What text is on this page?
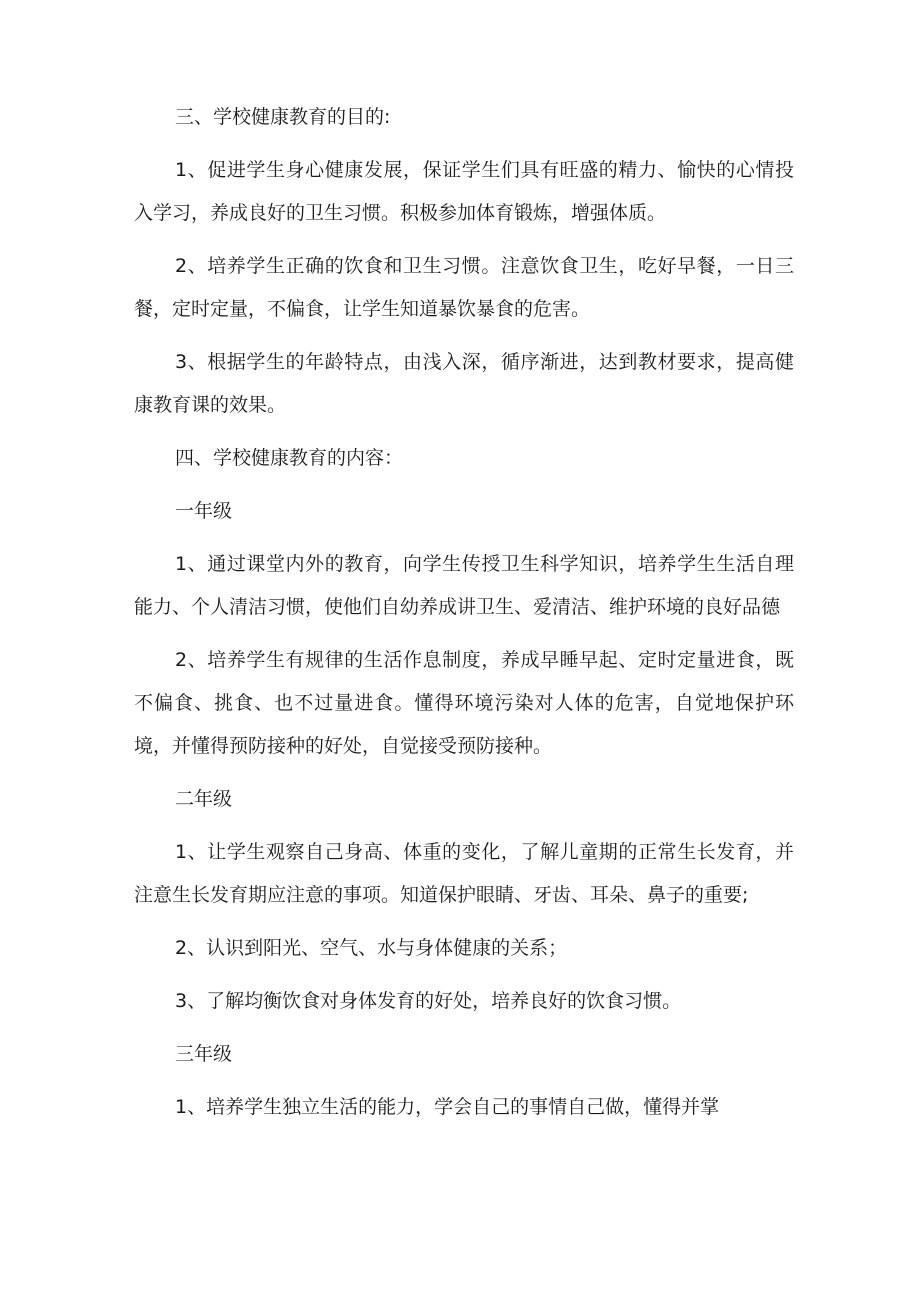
三、学校健康教育的目的:

1、促进学生身心健康发展，保证学生们具有旺盛的精力、愉快的心情投入学习，养成良好的卫生习惯。积极参加体育锻炼，增强体质。

2、培养学生正确的饮食和卫生习惯。注意饮食卫生，吃好早餐，一日三餐，定时定量，不偏食，让学生知道暴饮暴食的危害。

3、根据学生的年龄特点，由浅入深，循序渐进，达到教材要求，提高健康教育课的效果。

四、学校健康教育的内容：

一年级

1、通过课堂内外的教育，向学生传授卫生科学知识，培养学生生活自理能力、个人清洁习惯，使他们自幼养成讲卫生、爱清洁、维护环境的良好品德

2、培养学生有规律的生活作息制度，养成早睡早起、定时定量进食，既不偏食、挑食、也不过量进食。懂得环境污染对人体的危害，自觉地保护环境，并懂得预防接种的好处，自觉接受预防接种。

二年级

1、让学生观察自己身高、体重的变化，了解儿童期的正常生长发育，并注意生长发育期应注意的事项。知道保护眼睛、牙齿、耳朵、鼻子的重要;

2、认识到阳光、空气、水与身体健康的关系；

3、了解均衡饮食对身体发育的好处，培养良好的饮食习惯。

三年级

1、培养学生独立生活的能力，学会自己的事情自己做，懂得并掌
